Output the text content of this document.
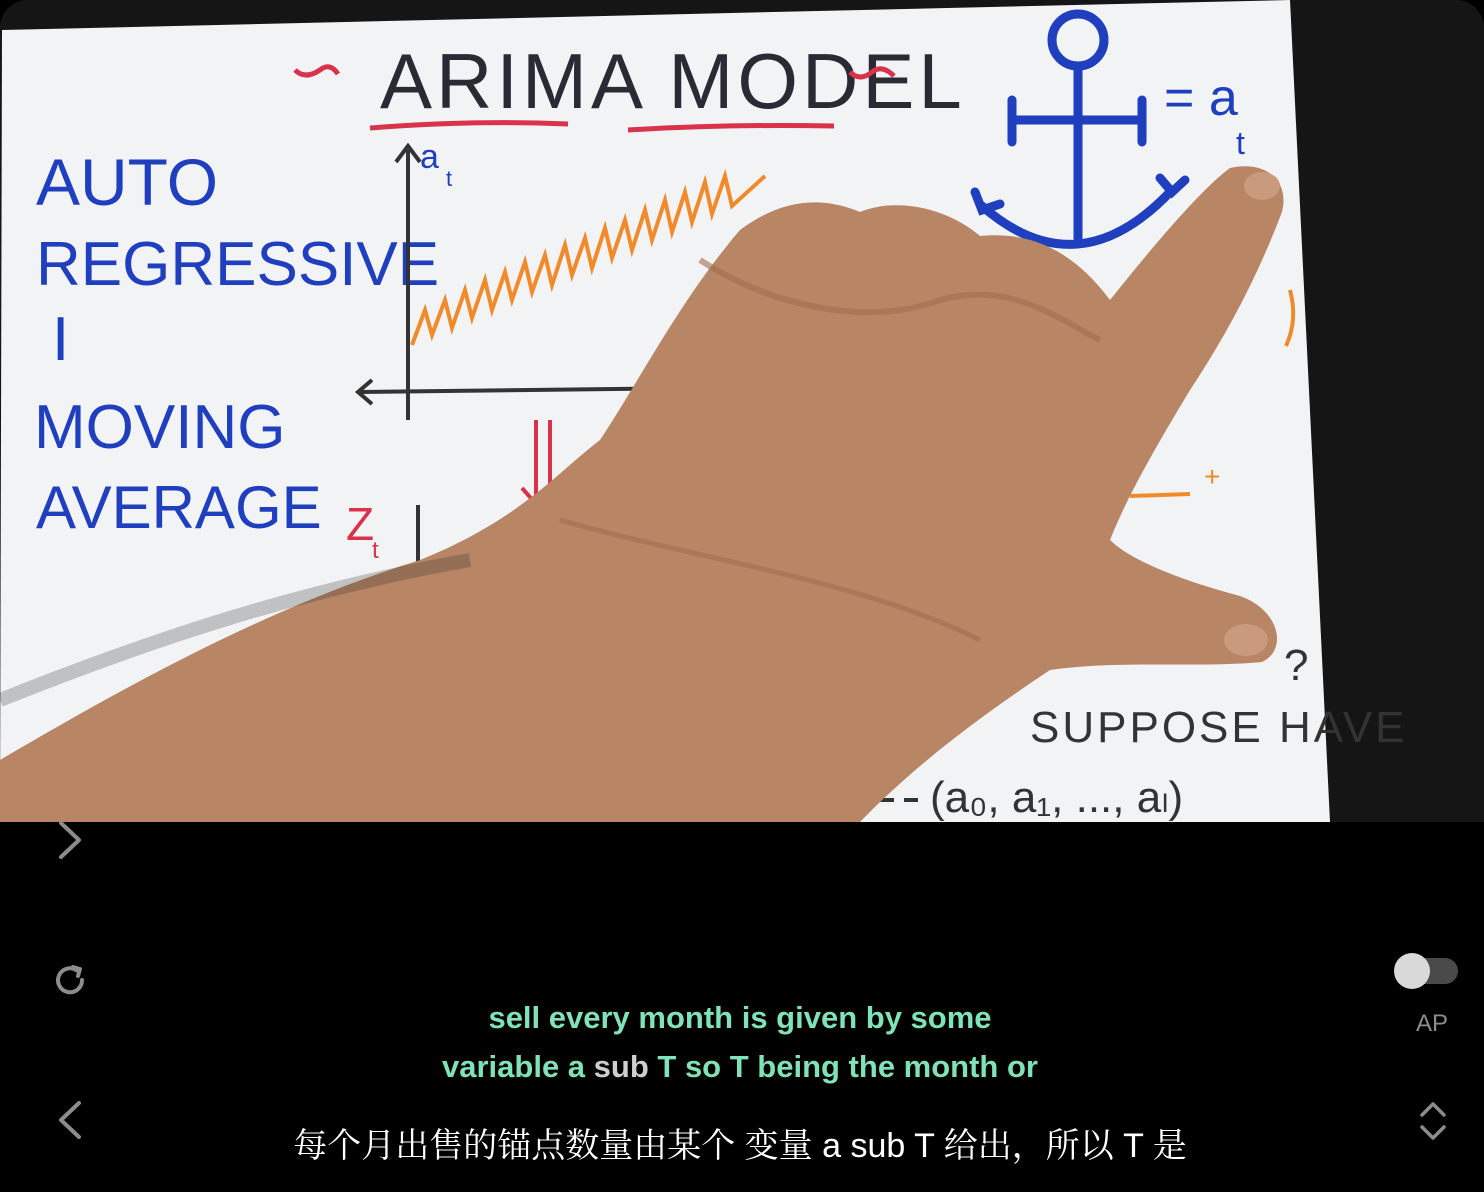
ARIMA MODEL
AUTO
REGRESSIVE
I
MOVING
AVERAGE
a
t
Z
t
= a
t
+
?
SUPPOSE HAVE
(a₀, a₁, ..., aₗ)
AP
sell every month is given by some
variable a sub T so T being the month or
每个月出售的锚点数量由某个 变量 a sub T 给出，所以 T 是
